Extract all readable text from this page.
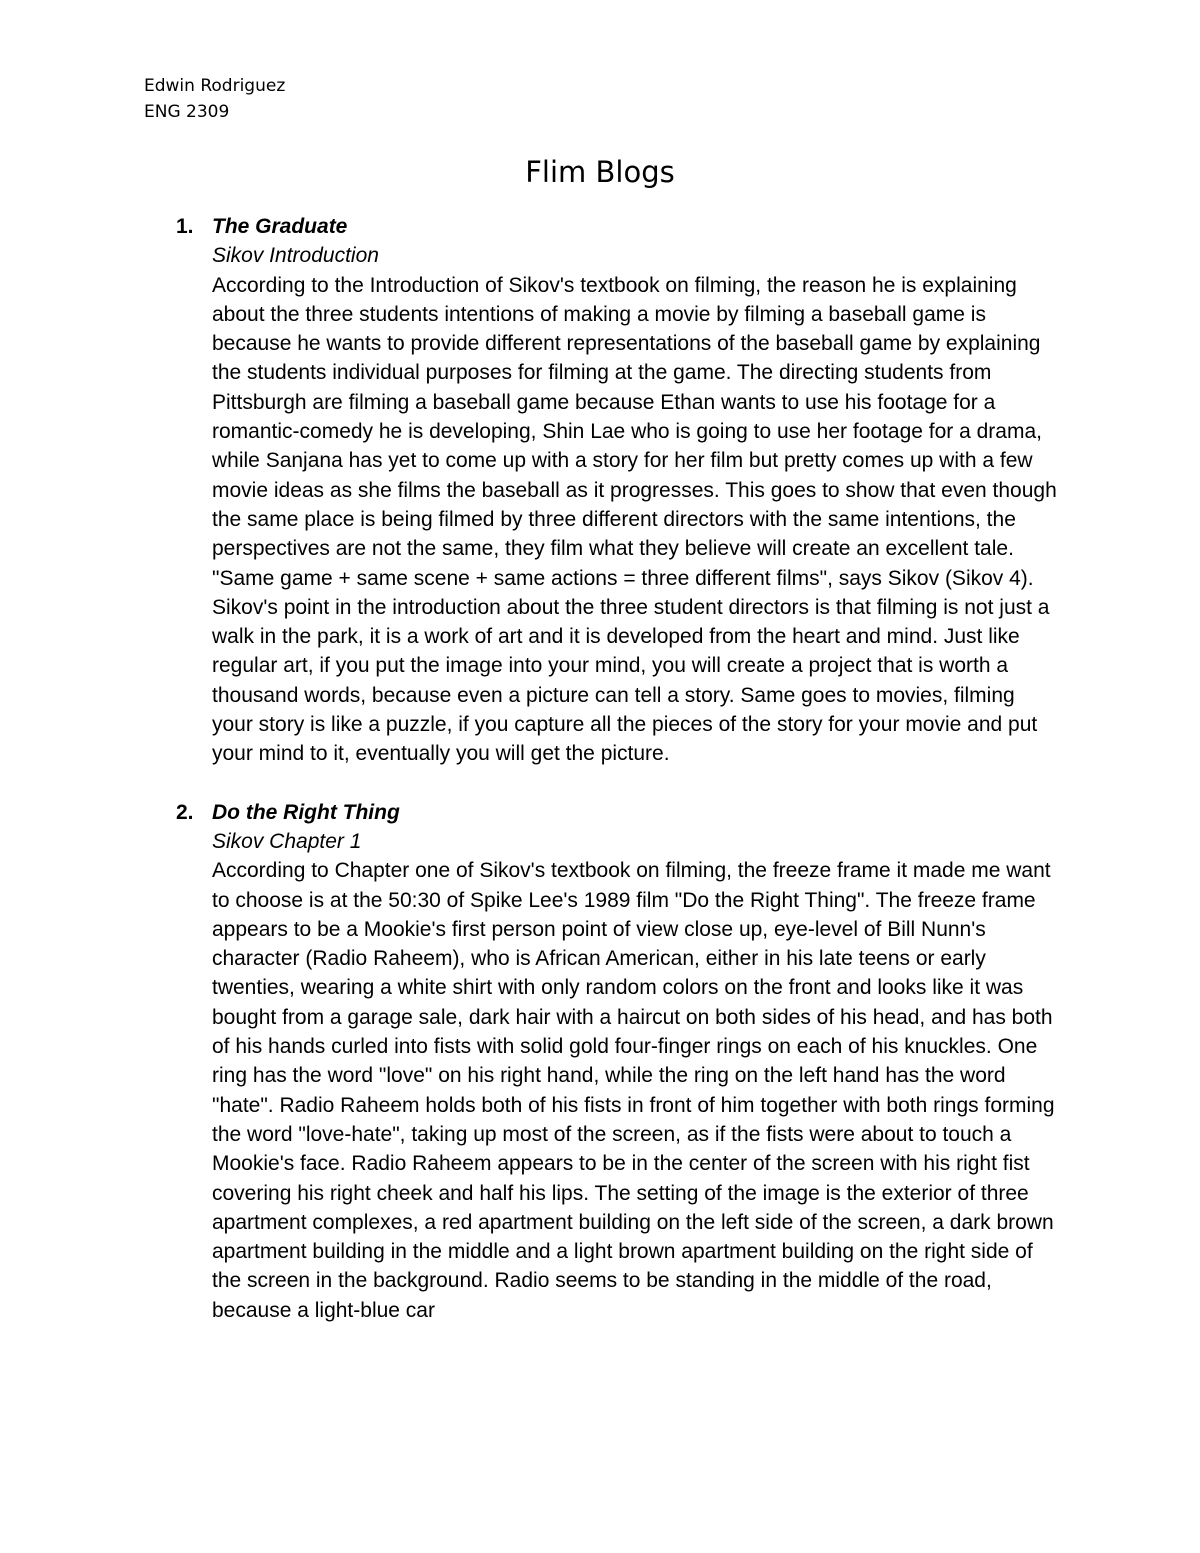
Edwin Rodriguez
ENG 2309
Flim Blogs
1. The Graduate
Sikov Introduction

According to the Introduction of Sikov's textbook on filming, the reason he is explaining about the three students intentions of making a movie by filming a baseball game is because he wants to provide different representations of the baseball game by explaining the students individual purposes for filming at the game. The directing students from Pittsburgh are filming a baseball game because Ethan wants to use his footage for a romantic-comedy he is developing, Shin Lae who is going to use her footage for a drama, while Sanjana has yet to come up with a story for her film but pretty comes up with a few movie ideas as she films the baseball as it progresses. This goes to show that even though the same place is being filmed by three different directors with the same intentions, the perspectives are not the same, they film what they believe will create an excellent tale. "Same game + same scene + same actions = three different films", says Sikov (Sikov 4). Sikov's point in the introduction about the three student directors is that filming is not just a walk in the park, it is a work of art and it is developed from the heart and mind. Just like regular art, if you put the image into your mind, you will create a project that is worth a thousand words, because even a picture can tell a story. Same goes to movies, filming your story is like a puzzle, if you capture all the pieces of the story for your movie and put your mind to it, eventually you will get the picture.

2. Do the Right Thing
Sikov Chapter 1

According to Chapter one of Sikov's textbook on filming, the freeze frame it made me want to choose is at the 50:30 of Spike Lee's 1989 film "Do the Right Thing". The freeze frame appears to be a Mookie's first person point of view close up, eye-level of Bill Nunn's character (Radio Raheem), who is African American, either in his late teens or early twenties, wearing a white shirt with only random colors on the front and looks like it was bought from a garage sale, dark hair with a haircut on both sides of his head, and has both of his hands curled into fists with solid gold four-finger rings on each of his knuckles. One ring has the word "love" on his right hand, while the ring on the left hand has the word "hate". Radio Raheem holds both of his fists in front of him together with both rings forming the word "love-hate", taking up most of the screen, as if the fists were about to touch a Mookie's face. Radio Raheem appears to be in the center of the screen with his right fist covering his right cheek and half his lips. The setting of the image is the exterior of three apartment complexes, a red apartment building on the left side of the screen, a dark brown apartment building in the middle and a light brown apartment building on the right side of the screen in the background. Radio seems to be standing in the middle of the road, because a light-blue car
